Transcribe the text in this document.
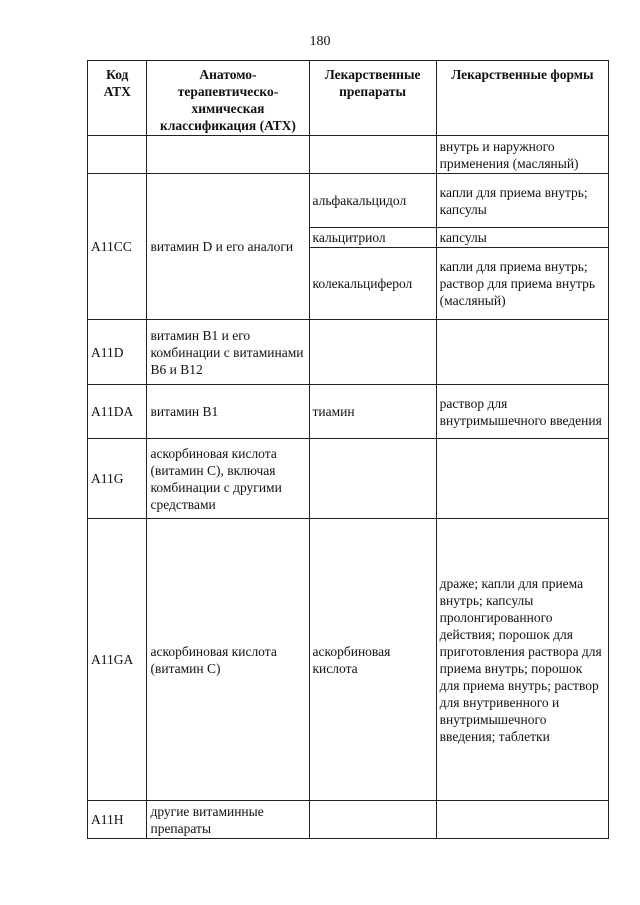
180
Код АТХ	Анатомо-терапевтическо-химическая классификация (АТХ)	Лекарственные препараты	Лекарственные формы
			внутрь и наружного применения (масляный)
A11CC	витамин D и его аналоги	альфакальцидол	капли для приема внутрь; капсулы
		кальцитриол	капсулы
		колекальциферол	капли для приема внутрь; раствор для приема внутрь (масляный)
A11D	витамин B1 и его комбинации с витаминами B6 и B12		
A11DA	витамин B1	тиамин	раствор для внутримышечного введения
A11G	аскорбиновая кислота (витамин С), включая комбинации с другими средствами		
A11GA	аскорбиновая кислота (витамин С)	аскорбиновая кислота	драже; капли для приема внутрь; капсулы пролонгированного действия; порошок для приготовления раствора для приема внутрь; порошок для приема внутрь; раствор для внутривенного и внутримышечного введения; таблетки
A11H	другие витаминные препараты		
